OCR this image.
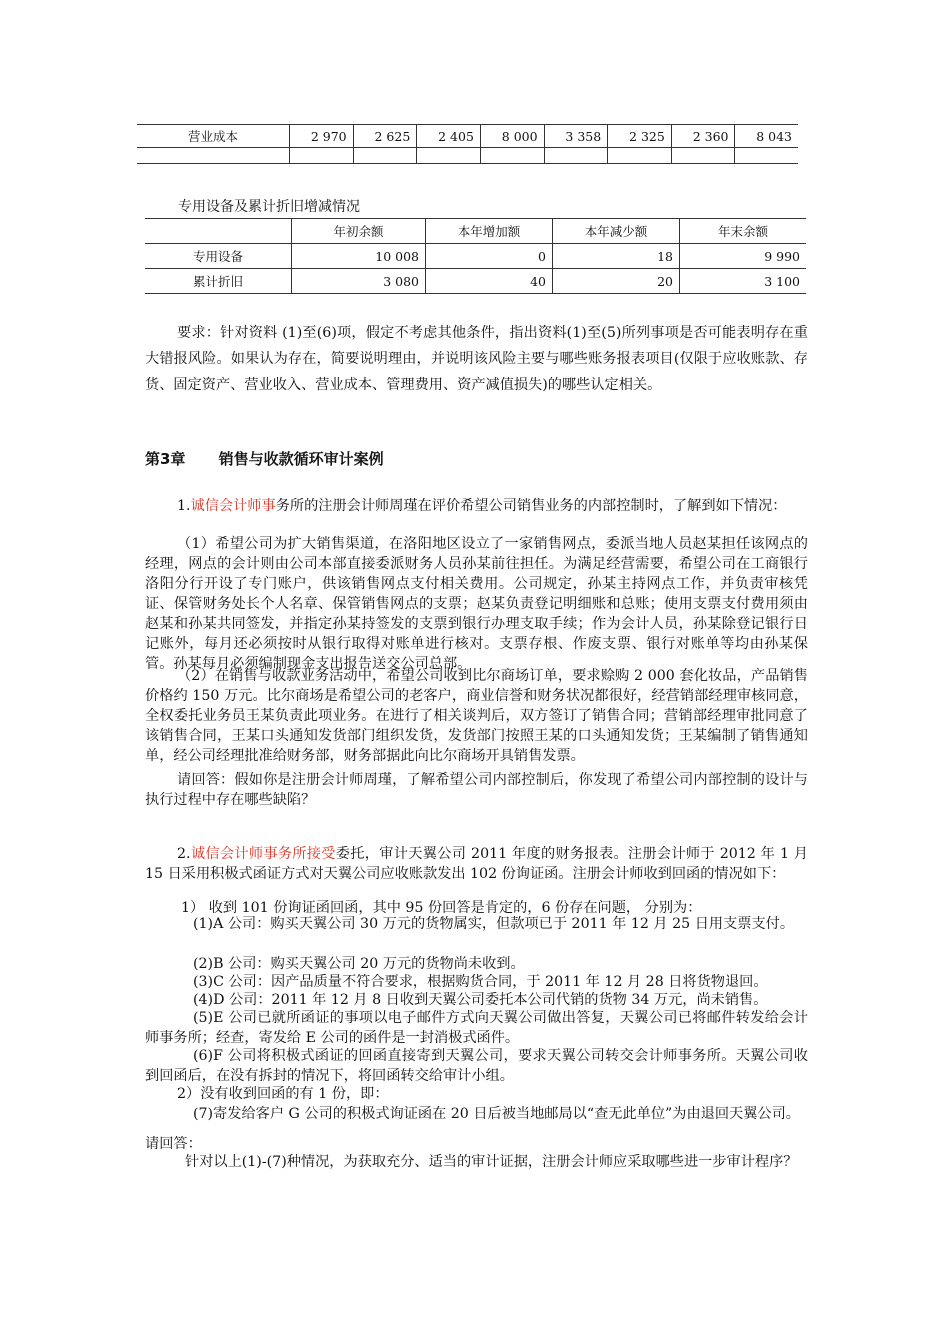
营业成本	2 970	2 625	2 405	8 000	3 358	2 325	2 360	8 043

专用设备及累计折旧增减情况
	年初余额	本年增加额	本年减少额	年末余额
专用设备	10 008	0	18	9 990
累计折旧	3 080	40	20	3 100
要求：针对资料 (1)至(6)项，假定不考虑其他条件，指出资料(1)至(5)所列事项是否可能表明存在重大错报风险。如果认为存在，简要说明理由，并说明该风险主要与哪些账务报表项目(仅限于应收账款、存货、固定资产、营业收入、营业成本、管理费用、资产减值损失)的哪些认定相关。
第3章 销售与收款循环审计案例

1.诚信会计师事务所的注册会计师周瑾在评价希望公司销售业务的内部控制时，了解到如下情况：

（1）希望公司为扩大销售渠道，在洛阳地区设立了一家销售网点，委派当地人员赵某担任该网点的经理，网点的会计则由公司本部直接委派财务人员孙某前往担任。为满足经营需要，希望公司在工商银行洛阳分行开设了专门账户，供该销售网点支付相关费用。公司规定，孙某主持网点工作，并负责审核凭证、保管财务处长个人名章、保管销售网点的支票；赵某负责登记明细账和总账；使用支票支付费用须由赵某和孙某共同签发，并指定孙某持签发的支票到银行办理支取手续；作为会计人员，孙某除登记银行日记账外，每月还必须按时从银行取得对账单进行核对。支票存根、作废支票、银行对账单等均由孙某保管。孙某每月必须编制现金支出报告送交公司总部。

（2）在销售与收款业务活动中，希望公司收到比尔商场订单，要求赊购 2 000 套化妆品，产品销售价格约 150 万元。比尔商场是希望公司的老客户，商业信誉和财务状况都很好，经营销部经理审核同意，全权委托业务员王某负责此项业务。在进行了相关谈判后，双方签订了销售合同；营销部经理审批同意了该销售合同，王某口头通知发货部门组织发货，发货部门按照王某的口头通知发货；王某编制了销售通知单，经公司经理批准给财务部，财务部据此向比尔商场开具销售发票。

请回答：假如你是注册会计师周瑾，了解希望公司内部控制后，你发现了希望公司内部控制的设计与执行过程中存在哪些缺陷？

2.诚信会计师事务所接受委托，审计天翼公司 2011 年度的财务报表。注册会计师于 2012 年 1 月 15 日采用积极式函证方式对天翼公司应收账款发出 102 份询证函。注册会计师收到回函的情况如下：

1） 收到 101 份询证函回函，其中 95 份回答是肯定的，6 份存在问题， 分别为：

(1)A 公司：购买天翼公司 30 万元的货物属实，但款项已于 2011 年 12 月 25 日用支票支付。

(2)B 公司：购买天翼公司 20 万元的货物尚未收到。

(3)C 公司：因产品质量不符合要求，根据购货合同，于 2011 年 12 月 28 日将货物退回。

(4)D 公司：2011 年 12 月 8 日收到天翼公司委托本公司代销的货物 34 万元，尚未销售。

(5)E 公司已就所函证的事项以电子邮件方式向天翼公司做出答复，天翼公司已将邮件转发给会计师事务所；经查，寄发给 E 公司的函件是一封消极式函件。

(6)F 公司将积极式函证的回函直接寄到天翼公司，要求天翼公司转交会计师事务所。天翼公司收到回函后，在没有拆封的情况下，将回函转交给审计小组。

2）没有收到回函的有 1 份，即：

(7)寄发给客户 G 公司的积极式询证函在 20 日后被当地邮局以“查无此单位”为由退回天翼公司。

请回答：

针对以上(1)-(7)种情况，为获取充分、适当的审计证据，注册会计师应采取哪些进一步审计程序？
